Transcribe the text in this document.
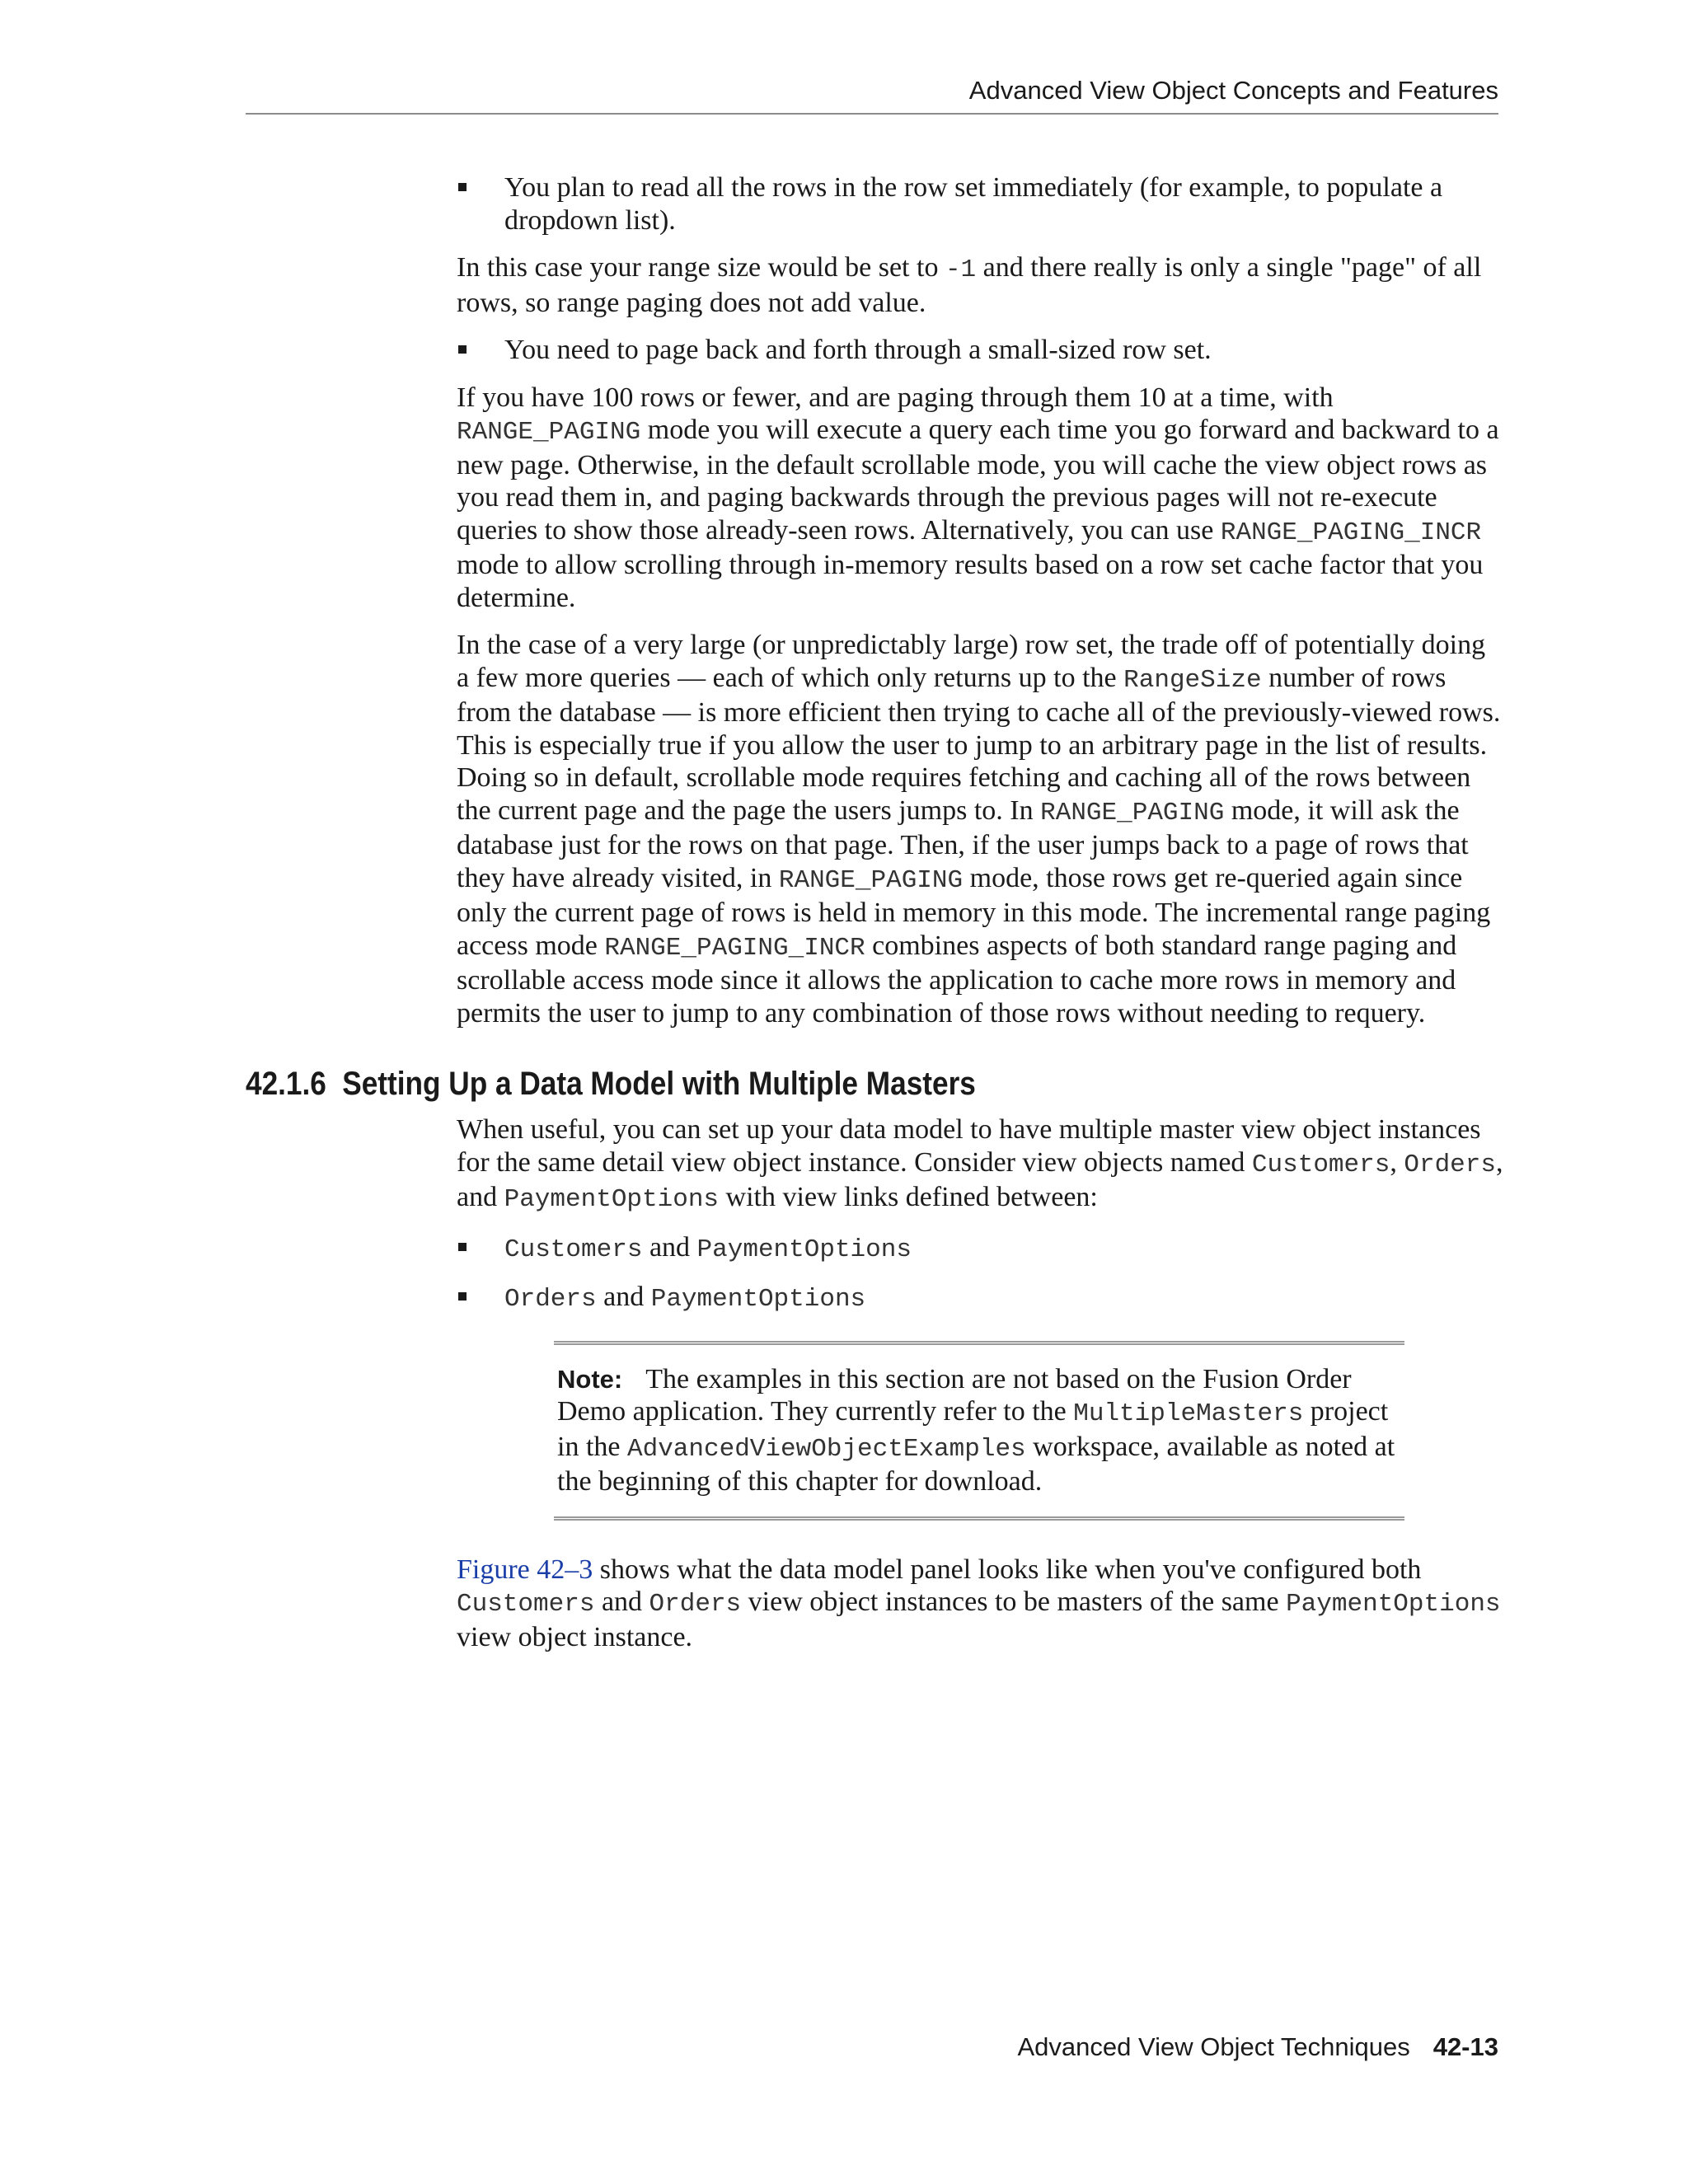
Advanced View Object Concepts and Features

You plan to read all the rows in the row set immediately (for example, to populate a dropdown list).

In this case your range size would be set to -1 and there really is only a single "page" of all rows, so range paging does not add value.

You need to page back and forth through a small-sized row set.

If you have 100 rows or fewer, and are paging through them 10 at a time, with RANGE_PAGING mode you will execute a query each time you go forward and backward to a new page. Otherwise, in the default scrollable mode, you will cache the view object rows as you read them in, and paging backwards through the previous pages will not re-execute queries to show those already-seen rows. Alternatively, you can use RANGE_PAGING_INCR mode to allow scrolling through in-memory results based on a row set cache factor that you determine.

In the case of a very large (or unpredictably large) row set, the trade off of potentially doing a few more queries — each of which only returns up to the RangeSize number of rows from the database — is more efficient then trying to cache all of the previously-viewed rows. This is especially true if you allow the user to jump to an arbitrary page in the list of results. Doing so in default, scrollable mode requires fetching and caching all of the rows between the current page and the page the users jumps to. In RANGE_PAGING mode, it will ask the database just for the rows on that page. Then, if the user jumps back to a page of rows that they have already visited, in RANGE_PAGING mode, those rows get re-queried again since only the current page of rows is held in memory in this mode. The incremental range paging access mode RANGE_PAGING_INCR combines aspects of both standard range paging and scrollable access mode since it allows the application to cache more rows in memory and permits the user to jump to any combination of those rows without needing to requery.

42.1.6 Setting Up a Data Model with Multiple Masters

When useful, you can set up your data model to have multiple master view object instances for the same detail view object instance. Consider view objects named Customers, Orders, and PaymentOptions with view links defined between:

Customers and PaymentOptions

Orders and PaymentOptions

Note: The examples in this section are not based on the Fusion Order Demo application. They currently refer to the MultipleMasters project in the AdvancedViewObjectExamples workspace, available as noted at the beginning of this chapter for download.

Figure 42–3 shows what the data model panel looks like when you've configured both Customers and Orders view object instances to be masters of the same PaymentOptions view object instance.

Advanced View Object Techniques 42-13
